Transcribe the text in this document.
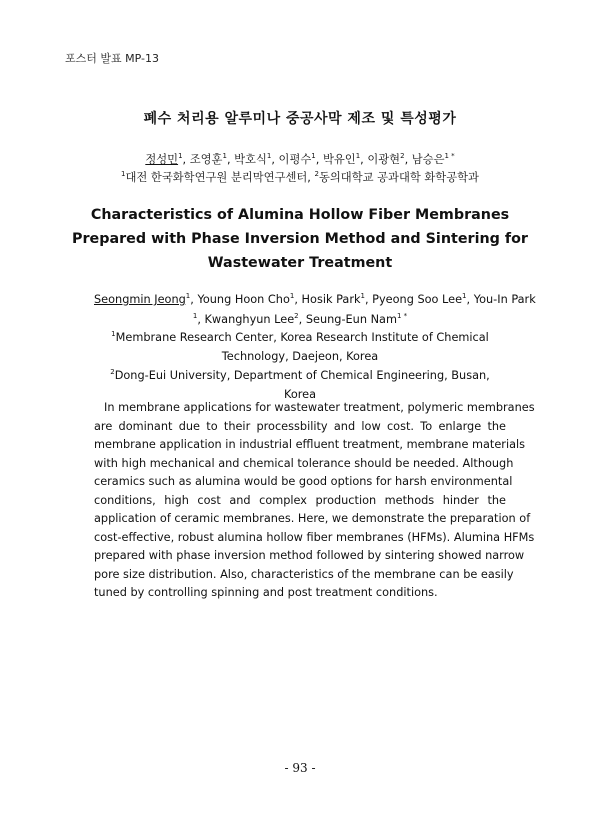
포스터 발표 MP-13
폐수 처리용 알루미나 중공사막 제조 및 특성평가
정성민$^1$, 조영훈$^1$, 박호식$^1$, 이평수$^1$, 박유인$^1$, 이광현$^2$, 남승은$^{1 *}$
$^1$대전 한국화학연구원 분리막연구센터, $^2$동의대학교 공과대학 화학공학과
Characteristics of Alumina Hollow Fiber Membranes
Prepared with Phase Inversion Method and Sintering for
Wastewater Treatment
Seongmin Jeong$^1$, Young Hoon Cho$^1$, Hosik Park$^1$, Pyeong Soo Lee$^1$, You-In Park
$^1$, Kwanghyun Lee$^2$, Seung-Eun Nam$^{1 *}$
$^1$Membrane Research Center, Korea Research Institute of Chemical
Technology, Daejeon, Korea
$^2$Dong-Eui University, Department of Chemical Engineering, Busan, Korea
In membrane applications for wastewater treatment, polymeric membranes
are dominant due to their processbility and low cost. To enlarge the
membrane application in industrial effluent treatment, membrane materials
with high mechanical and chemical tolerance should be needed. Although
ceramics such as alumina would be good options for harsh environmental
conditions, high cost and complex production methods hinder the
application of ceramic membranes. Here, we demonstrate the preparation of
cost-effective, robust alumina hollow fiber membranes (HFMs). Alumina HFMs
prepared with phase inversion method followed by sintering showed narrow
pore size distribution. Also, characteristics of the membrane can be easily
tuned by controlling spinning and post treatment conditions.
- 93 -
